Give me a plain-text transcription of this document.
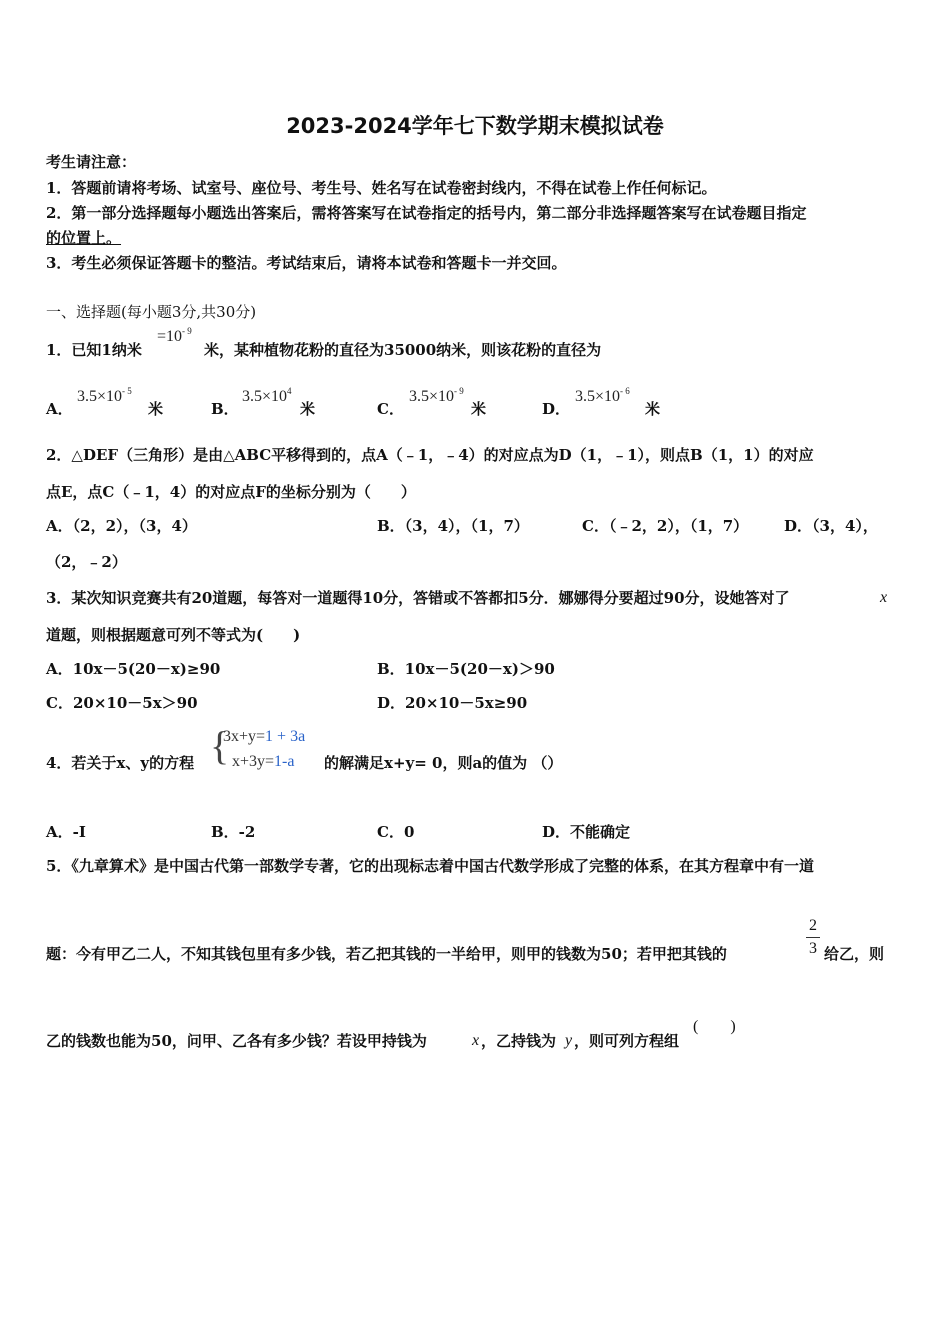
2023-2024学年七下数学期末模拟试卷
考生请注意：
1．答题前请将考场、试室号、座位号、考生号、姓名写在试卷密封线内，不得在试卷上作任何标记。
2．第一部分选择题每小题选出答案后，需将答案写在试卷指定的括号内，第二部分非选择题答案写在试卷题目指定
的位置上。
3．考生必须保证答题卡的整洁。考试结束后，请将本试卷和答题卡一并交回。
一、选择题(每小题3分,共30分)
1．已知1纳米
$=10^{- 9}$
米，某种植物花粉的直径为35000纳米，则该花粉的直径为
A．
$3.5\times 10^{- 5}$
米	B．
$3.5\times 10^4$
米	C．
$3.5\times 10^{- 9}$
米	D．
$3.5\times 10^{- 6}$
米
2．△DEF（三角形）是由△ABC平移得到的，点A（﹣1，﹣4）的对应点为D（1，﹣1），则点B（1，1）的对应
点E，点C（﹣1，4）的对应点F的坐标分别为（　　）
A．（2，2），（3，4）	B．（3，4），（1，7）	C．（﹣2，2），（1，7） D．（3，4），
（2，﹣2）
3．某次知识竞赛共有20道题，每答对一道题得10分，答错或不答都扣5分．娜娜得分要超过90分，设她答对了	x
道题，则根据题意可列不等式为(　　)
A．10x－5(20－x)≥90	B．10x－5(20－x)＞90
C．20×10－5x＞90	D．20×10－5x≥90
4．若关于x、y的方程 {
3x+y=1 + 3a
x+3y=1-a 的解满足x+y= 0，则a的值为 （）
A．-I	B．-2	C．0	D．不能确定
5．《九章算术》是中国古代第一部数学专著，它的出现标志着中国古代数学形成了完整的体系，在其方程章中有一道
题：今有甲乙二人，不知其钱包里有多少钱，若乙把其钱的一半给甲，则甲的钱数为50；若甲把其钱的
2
3 给乙，则
乙的钱数也能为50，问甲、乙各有多少钱？若设甲持钱为	x ，乙持钱为 y ，则可列方程组
(　　)
